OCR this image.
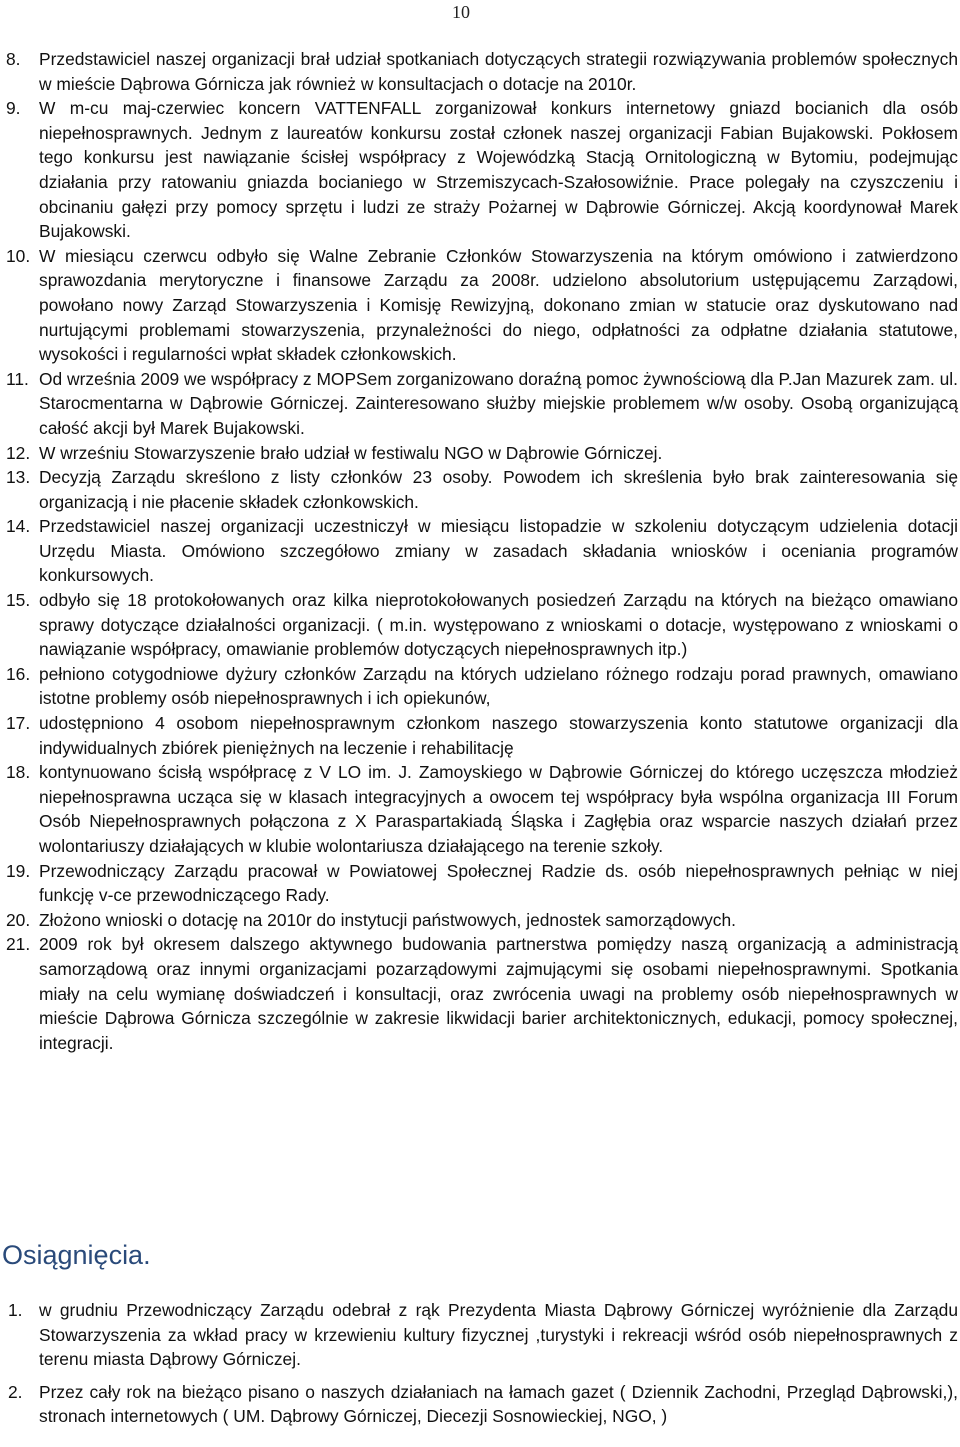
10
8. Przedstawiciel naszej organizacji brał udział spotkaniach dotyczących strategii rozwiązywania problemów społecznych w mieście Dąbrowa Górnicza jak również w konsultacjach o dotacje na 2010r.
9. W m-cu maj-czerwiec koncern VATTENFALL zorganizował konkurs internetowy gniazd bocianich dla osób niepełnosprawnych. Jednym z laureatów konkursu został członek naszej organizacji Fabian Bujakowski. Pokłosem tego konkursu jest nawiązanie ścisłej współpracy z Wojewódzką Stacją Ornitologiczną w Bytomiu, podejmując działania przy ratowaniu gniazda bocianiego w Strzemiszycach-Szałosowiźnie. Prace polegały na czyszczeniu i obcinaniu gałęzi przy pomocy sprzętu i ludzi ze straży Pożarnej w Dąbrowie Górniczej. Akcją koordynował Marek Bujakowski.
10. W miesiącu czerwcu odbyło się Walne Zebranie Członków Stowarzyszenia na którym omówiono i zatwierdzono sprawozdania merytoryczne i finansowe Zarządu za 2008r. udzielono absolutorium ustępującemu Zarządowi, powołano nowy Zarząd Stowarzyszenia i Komisję Rewizyjną, dokonano zmian w statucie oraz dyskutowano nad nurtującymi problemami stowarzyszenia, przynależności do niego, odpłatności za odpłatne działania statutowe, wysokości i regularności wpłat składek członkowskich.
11. Od września 2009 we współpracy z MOPSem zorganizowano doraźną pomoc żywnościową dla P.Jan Mazurek zam. ul. Starocmentarna w Dąbrowie Górniczej. Zainteresowano służby miejskie problemem w/w osoby. Osobą organizującą całość akcji był Marek Bujakowski.
12. W wrześniu Stowarzyszenie brało udział w festiwalu NGO w Dąbrowie Górniczej.
13. Decyzją Zarządu skreślono z listy członków 23 osoby. Powodem ich skreślenia było brak zainteresowania się organizacją i nie płacenie składek członkowskich.
14. Przedstawiciel naszej organizacji uczestniczył w miesiącu listopadzie w szkoleniu dotyczącym udzielenia dotacji Urzędu Miasta. Omówiono szczegółowo zmiany w zasadach składania wniosków i oceniania programów konkursowych.
15. odbyło się 18 protokołowanych oraz kilka nieprotokołowanych posiedzeń Zarządu na których na bieżąco omawiano sprawy dotyczące działalności organizacji. ( m.in. występowano z wnioskami o dotacje, występowano z wnioskami o nawiązanie współpracy, omawianie problemów dotyczących niepełnosprawnych itp.)
16. pełniono cotygodniowe dyżury członków Zarządu na których udzielano różnego rodzaju porad prawnych, omawiano istotne problemy osób niepełnosprawnych i ich opiekunów,
17. udostępniono 4 osobom niepełnosprawnym członkom naszego stowarzyszenia konto statutowe organizacji dla indywidualnych zbiórek pieniężnych na leczenie i rehabilitację
18. kontynuowano ścisłą współpracę z V LO im. J. Zamoyskiego w Dąbrowie Górniczej do którego uczęszcza młodzież niepełnosprawna ucząca się w klasach integracyjnych a owocem tej współpracy była wspólna organizacja III Forum Osób Niepełnosprawnych połączona z X Paraspartakiadą Śląska i Zagłębia oraz wsparcie naszych działań przez wolontariuszy działających w klubie wolontariusza działającego na terenie szkoły.
19. Przewodniczący Zarządu pracował w Powiatowej Społecznej Radzie ds. osób niepełnosprawnych pełniąc w niej funkcję v-ce przewodniczącego Rady.
20. Złożono wnioski o dotację na 2010r do instytucji państwowych, jednostek samorządowych.
21. 2009 rok był okresem dalszego aktywnego budowania partnerstwa pomiędzy naszą organizacją a administracją samorządową oraz innymi organizacjami pozarządowymi zajmującymi się osobami niepełnosprawnymi. Spotkania miały na celu wymianę doświadczeń i konsultacji, oraz zwrócenia uwagi na problemy osób niepełnosprawnych w mieście Dąbrowa Górnicza szczególnie w zakresie likwidacji barier architektonicznych, edukacji, pomocy społecznej, integracji.
Osiągnięcia.
1. w grudniu Przewodniczący Zarządu odebrał z rąk Prezydenta Miasta Dąbrowy Górniczej wyróżnienie dla Zarządu Stowarzyszenia za wkład pracy w krzewieniu kultury fizycznej ,turystyki i rekreacji wśród osób niepełnosprawnych z terenu miasta Dąbrowy Górniczej.
2. Przez cały rok na bieżąco pisano o naszych działaniach na łamach gazet ( Dziennik Zachodni, Przegląd Dąbrowski,), stronach internetowych ( UM. Dąbrowy Górniczej, Diecezji Sosnowieckiej, NGO, )
